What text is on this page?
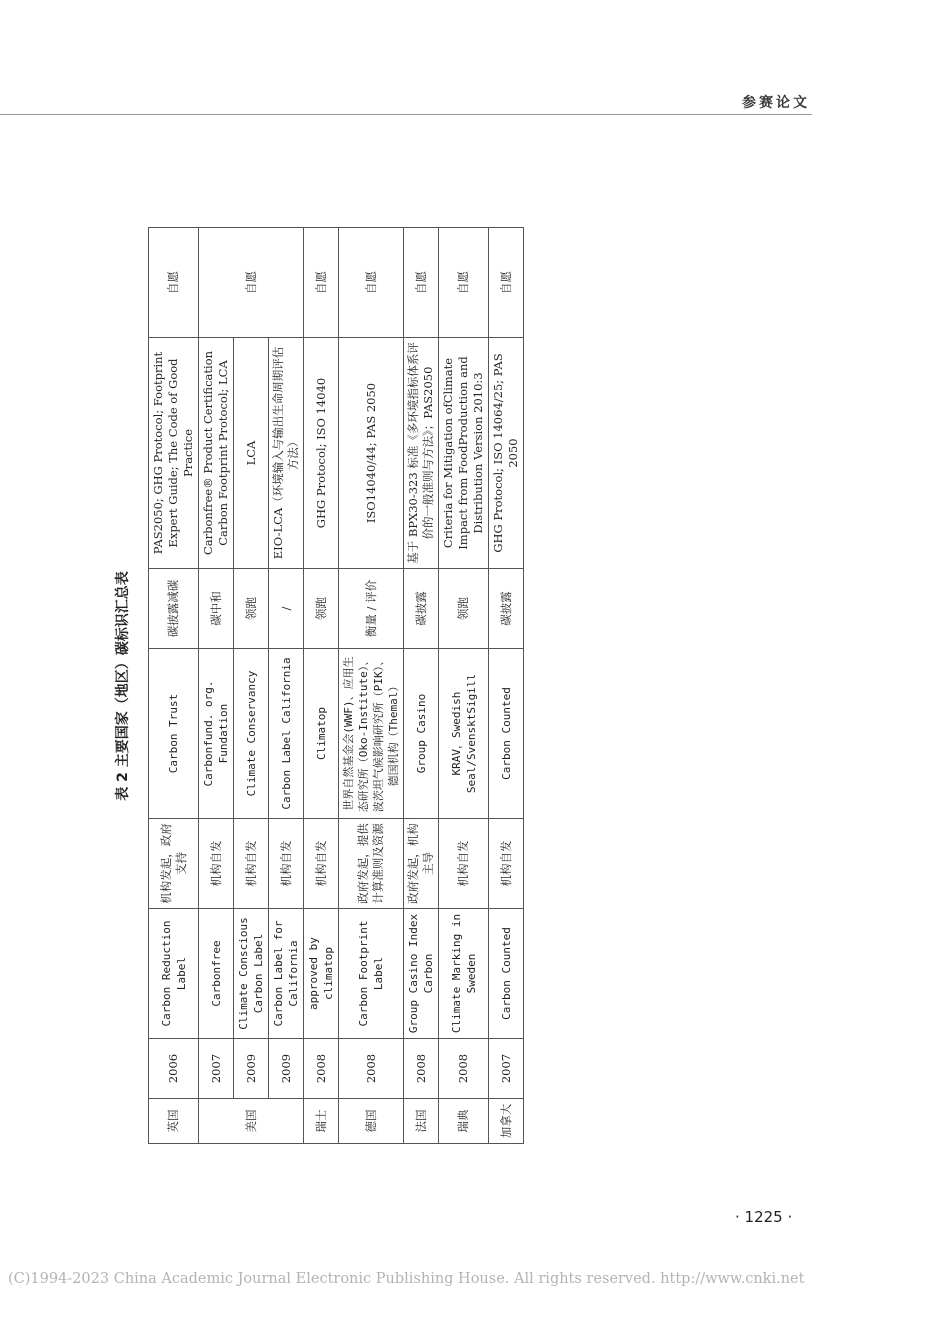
参赛论文
表 2 主要国家（地区）碳标识汇总表
英国	2006	Carbon Reduction Label	机构发起，政府支持	Carbon Trust	碳披露减碳	PAS2050; GHG Protocol; Footprint Expert Guide; The Code of Good Practice	自愿
美国	2007	Carbonfree	机构自发	Carbonfund. org. Fundation	碳中和	Carbonfree® Product Certification Carbon Footprint Protocol; LCA	自愿
	2009	Climate Conscious Carbon Label	机构自发	Climate Conservancy	领跑	LCA	
	2009	Carbon Label for California	机构自发	Carbon Label California	/	EIO-LCA（环境输入与输出生命周期评估方法）	
瑞士	2008	approved by climatop	机构自发	Climatop	领跑	GHG Protocol; ISO 14040	自愿
德国	2008	Carbon Footprint Label	政府发起，提供计算准则及资源	世界自然基金会(WWF)、应用生态研究所（Oko-Institute）、波茨坦气候影响研究所（PIK）、德国机构（Themal）	衡量 / 评价	ISO14040/44; PAS 2050	自愿
法国	2008	Group Casino Index Carbon	政府发起，机构主导	Group Casino	碳披露	基于 BPX30-323 标准《多环境指标体系评价的一般准则与方法》；PAS2050	自愿
瑞典	2008	Climate Marking in Sweden	机构自发	KRAV，Swedish Seal/SvensktSigill	领跑	Criteria for Mitigation ofClimate Impact from FoodProduction and Distribution Version 2010:3	自愿
加拿大	2007	Carbon Counted	机构自发	Carbon Counted	碳披露	GHG Protocol; ISO 14064/25; PAS 2050	自愿
· 1225 ·
(C)1994-2023 China Academic Journal Electronic Publishing House. All rights reserved. http://www.cnki.net
